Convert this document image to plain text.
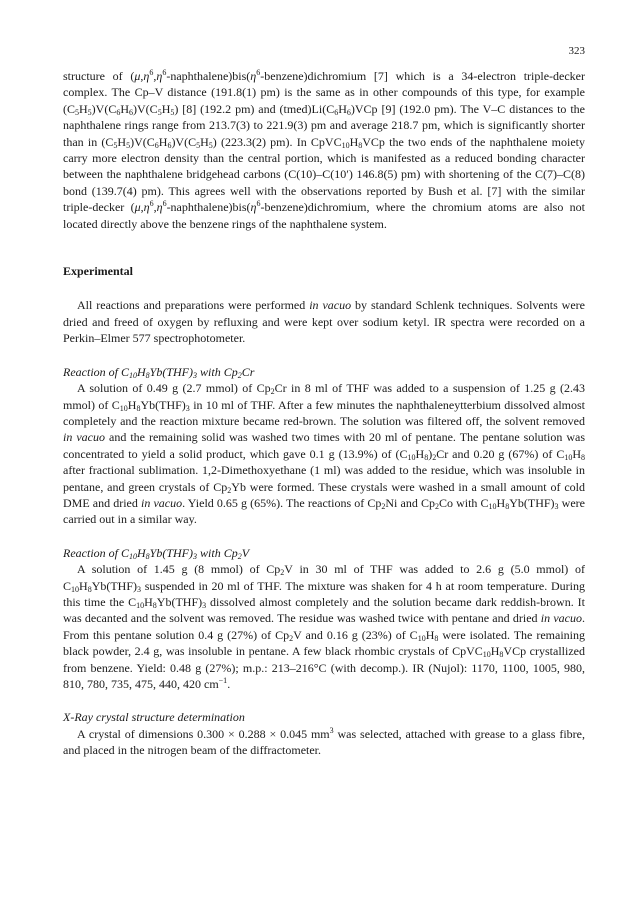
323

structure of $(\mu,\eta^6,\eta^6-naphthalene)bis(\eta^6-benzene)dichromium$ [7] which is a 34-electron triple-decker complex. The Cp–V distance (191.8(1) pm) is the same as in other compounds of this type, for example $(C_5H_5)V(C_6H_6)V(C_5H_5)$ [8] (192.2 pm) and $(tmed)Li(C_6H_6)VCp$ [9] (192.0 pm). The V–C distances to the naphthalene rings range from 213.7(3) to 221.9(3) pm and average 218.7 pm, which is significantly shorter than in $(C_5H_5)V(C_6H_6)V(C_5H_5)$ (223.3(2) pm). In $CpVC_{10}H_8VCp$ the two ends of the naphthalene moiety carry more electron density than the central portion, which is manifested as a reduced bonding character between the naphthalene bridgehead carbons (C(10)–C(10′) 146.8(5) pm) with shortening of the C(7)–C(8) bond (139.7(4) pm). This agrees well with the observations reported by Bush et al. [7] with the similar triple-decker $(\mu,\eta^6,\eta^6-naphthalene)bis(\eta^6-benzene)dichromium$, where the chromium atoms are also not located directly above the benzene rings of the naphthalene system.

Experimental

All reactions and preparations were performed in vacuo by standard Schlenk techniques. Solvents were dried and freed of oxygen by refluxing and were kept over sodium ketyl. IR spectra were recorded on a Perkin–Elmer 577 spectrophotometer.

Reaction of $C_{10}H_8Yb(THF)_3$ with $Cp_2Cr$

A solution of 0.49 g (2.7 mmol) of $Cp_2Cr$ in 8 ml of THF was added to a suspension of 1.25 g (2.43 mmol) of $C_{10}H_8Yb(THF)_3$ in 10 ml of THF. After a few minutes the naphthaleneytterbium dissolved almost completely and the reaction mixture became red-brown. The solution was filtered off, the solvent removed in vacuo and the remaining solid was washed two times with 20 ml of pentane. The pentane solution was concentrated to yield a solid product, which gave 0.1 g (13.9%) of $(C_{10}H_8)_2Cr$ and 0.20 g (67%) of $C_{10}H_8$ after fractional sublimation. 1,2-Dimethoxyethane (1 ml) was added to the residue, which was insoluble in pentane, and green crystals of $Cp_2Yb$ were formed. These crystals were washed in a small amount of cold DME and dried in vacuo. Yield 0.65 g (65%). The reactions of $Cp_2Ni$ and $Cp_2Co$ with $C_{10}H_8Yb(THF)_3$ were carried out in a similar way.

Reaction of $C_{10}H_8Yb(THF)_3$ with $Cp_2V$

A solution of 1.45 g (8 mmol) of $Cp_2V$ in 30 ml of THF was added to 2.6 g (5.0 mmol) of $C_{10}H_8Yb(THF)_3$ suspended in 20 ml of THF. The mixture was shaken for 4 h at room temperature. During this time the $C_{10}H_8Yb(THF)_3$ dissolved almost completely and the solution became dark reddish-brown. It was decanted and the solvent was removed. The residue was washed twice with pentane and dried in vacuo. From this pentane solution 0.4 g (27%) of $Cp_2V$ and 0.16 g (23%) of $C_{10}H_8$ were isolated. The remaining black powder, 2.4 g, was insoluble in pentane. A few black rhombic crystals of $CpVC_{10}H_8VCp$ crystallized from benzene. Yield: 0.48 g (27%); m.p.: 213–216°C (with decomp.). IR (Nujol): 1170, 1100, 1005, 980, 810, 780, 735, 475, 440, 420 $cm^{-1}$.

X-Ray crystal structure determination

A crystal of dimensions 0.300 × 0.288 × 0.045 $mm^3$ was selected, attached with grease to a glass fibre, and placed in the nitrogen beam of the diffractometer.
